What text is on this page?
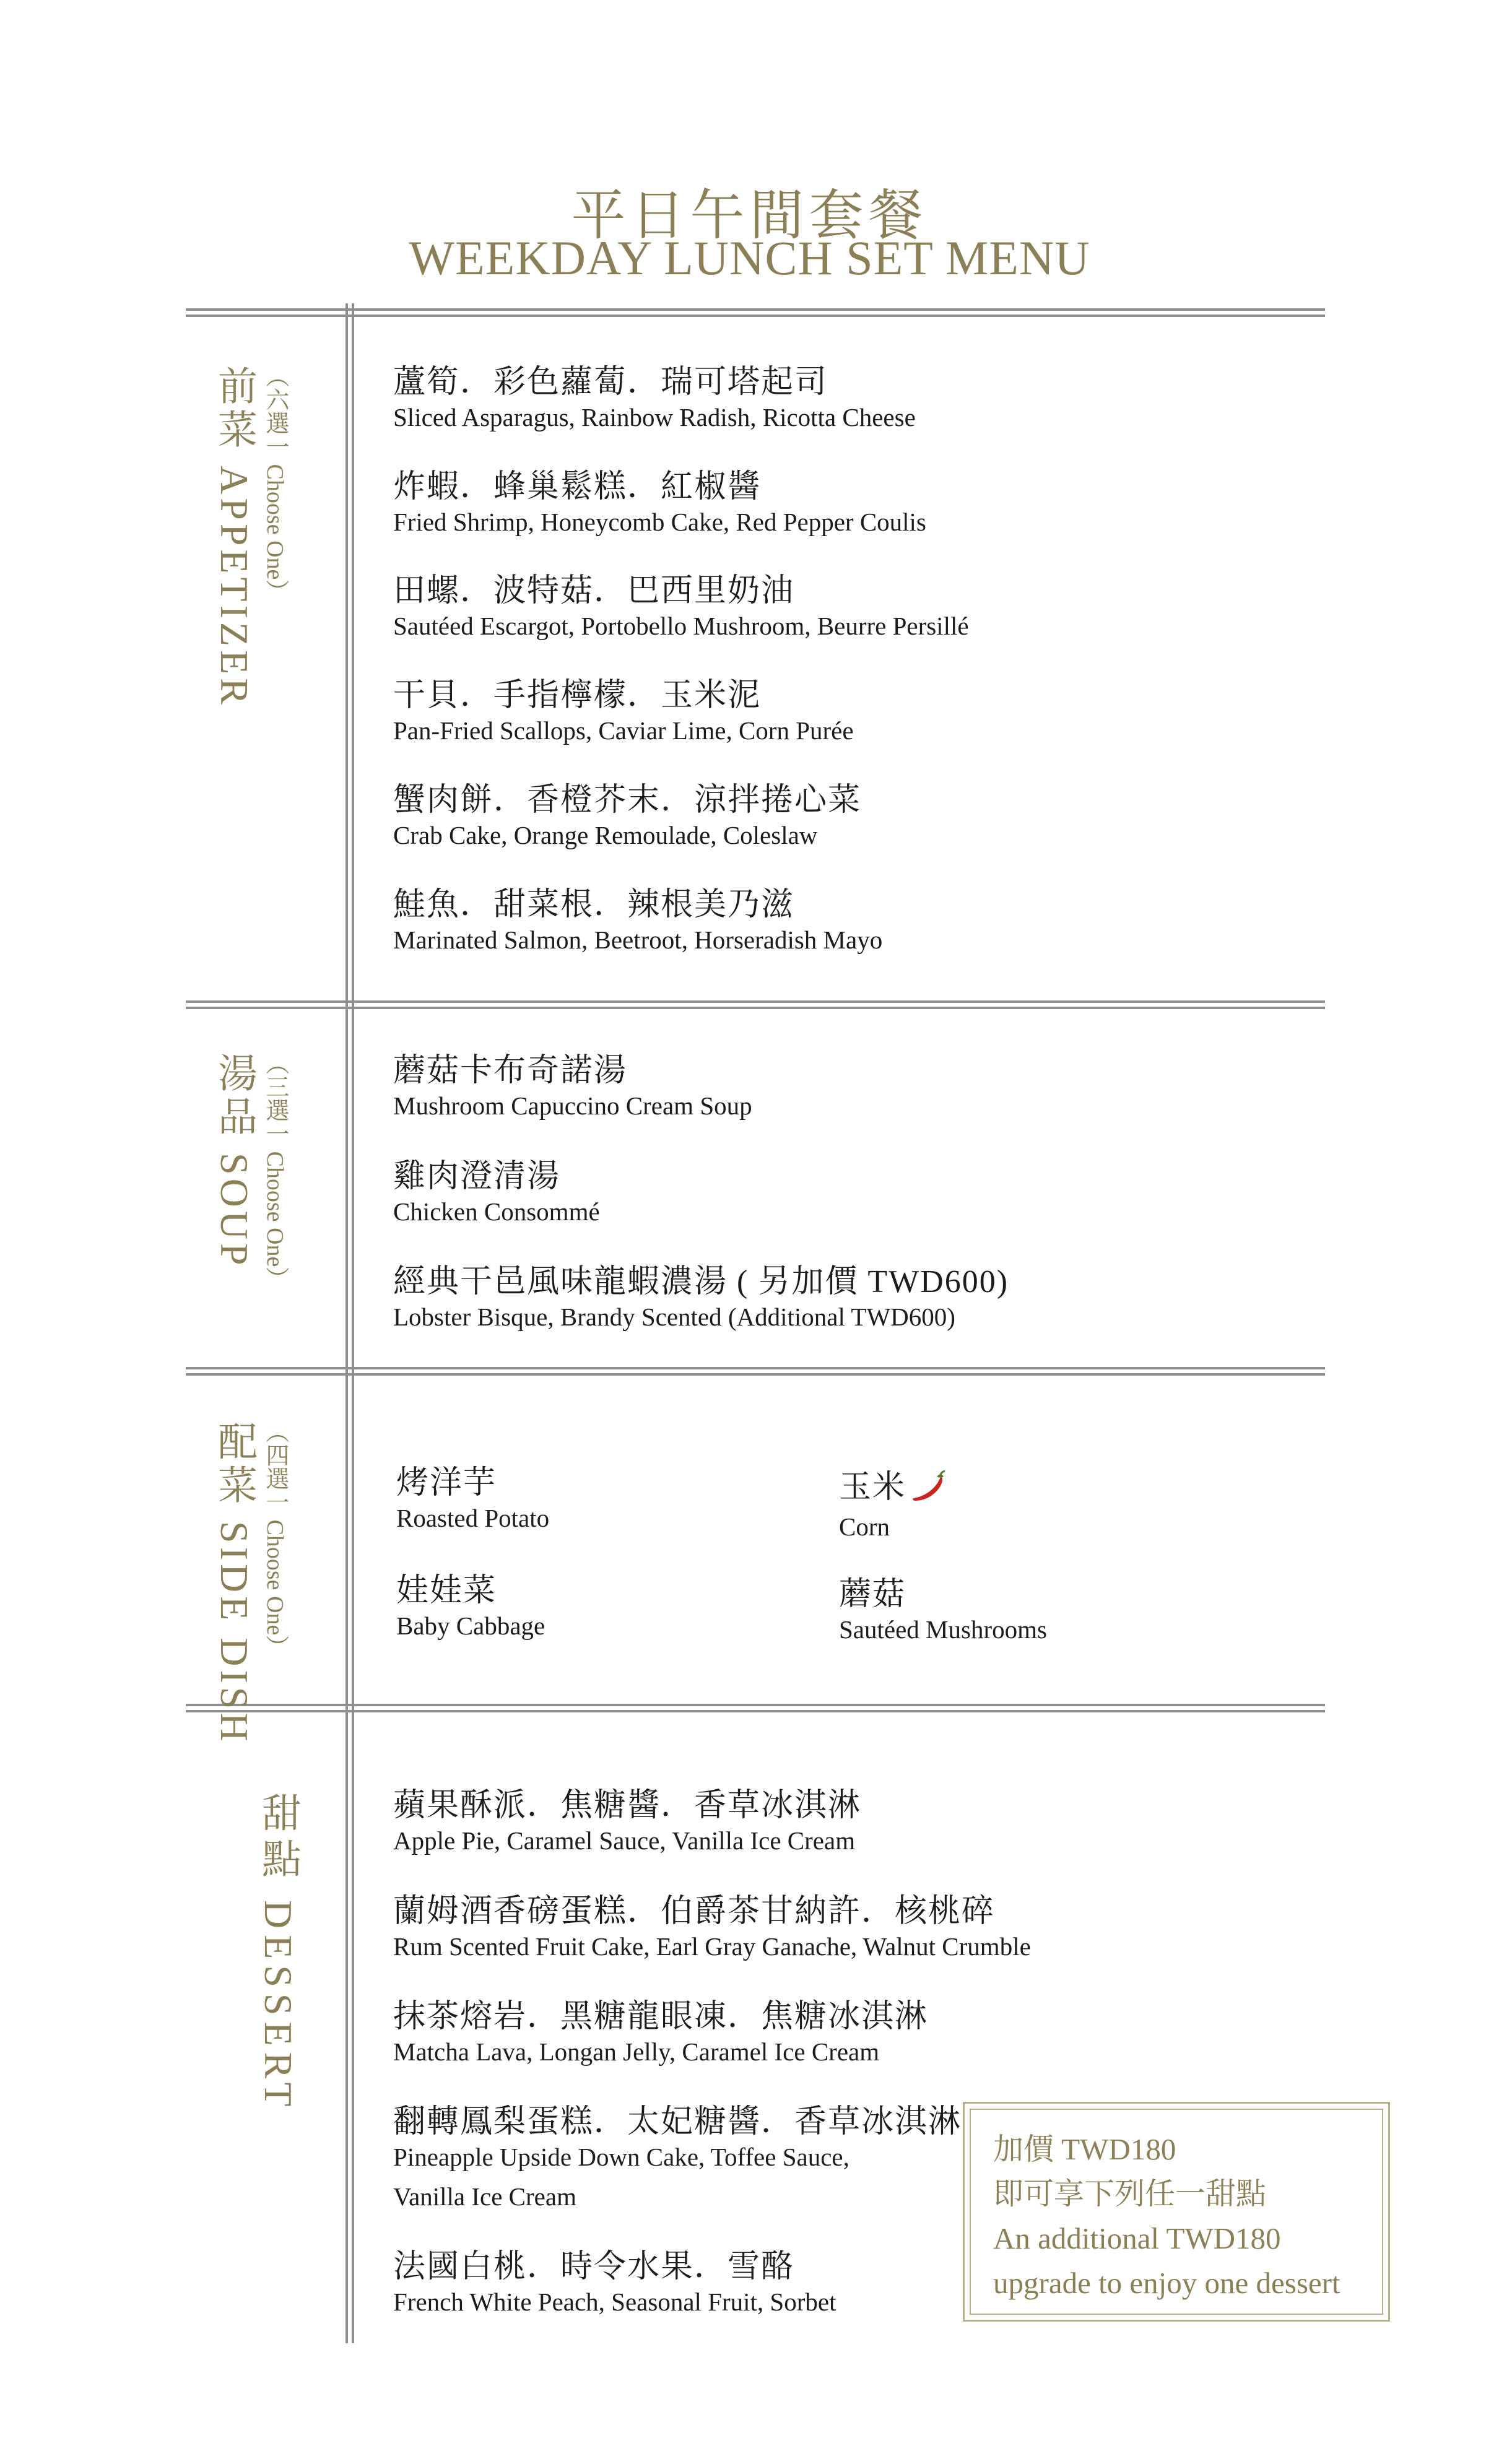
平日午間套餐
WEEKDAY LUNCH SET MENU
前菜 APPETIZER （六選一 Choose One）	蘆筍．彩色蘿蔔．瑞可塔起司
Sliced Asparagus, Rainbow Radish, Ricotta Cheese
炸蝦．蜂巢鬆糕．紅椒醬
Fried Shrimp, Honeycomb Cake, Red Pepper Coulis
田螺．波特菇．巴西里奶油
Sautéed Escargot, Portobello Mushroom, Beurre Persillé
干貝．手指檸檬．玉米泥
Pan-Fried Scallops, Caviar Lime, Corn Purée
蟹肉餅．香橙芥末．涼拌捲心菜
Crab Cake, Orange Remoulade, Coleslaw
鮭魚．甜菜根．辣根美乃滋
Marinated Salmon, Beetroot, Horseradish Mayo
湯品 SOUP （三選一 Choose One）	蘑菇卡布奇諾湯
Mushroom Capuccino Cream Soup
雞肉澄清湯
Chicken Consommé
經典干邑風味龍蝦濃湯 ( 另加價 TWD600)
Lobster Bisque, Brandy Scented (Additional TWD600)
配菜 SIDE DISH （四選一 Choose One）	烤洋芋
Roasted Potato
娃娃菜
Baby Cabbage
玉米
Corn
蘑菇
Sautéed Mushrooms
甜點 DESSERT	蘋果酥派．焦糖醬．香草冰淇淋
Apple Pie, Caramel Sauce, Vanilla Ice Cream
蘭姆酒香磅蛋糕．伯爵茶甘納許．核桃碎
Rum Scented Fruit Cake, Earl Gray Ganache, Walnut Crumble
抹茶熔岩．黑糖龍眼凍．焦糖冰淇淋
Matcha Lava, Longan Jelly, Caramel Ice Cream
翻轉鳳梨蛋糕．太妃糖醬．香草冰淇淋
Pineapple Upside Down Cake, Toffee Sauce,
Vanilla Ice Cream
法國白桃．時令水果．雪酪
French White Peach, Seasonal Fruit, Sorbet
加價 TWD180
即可享下列任一甜點
An additional TWD180
upgrade to enjoy one dessert
